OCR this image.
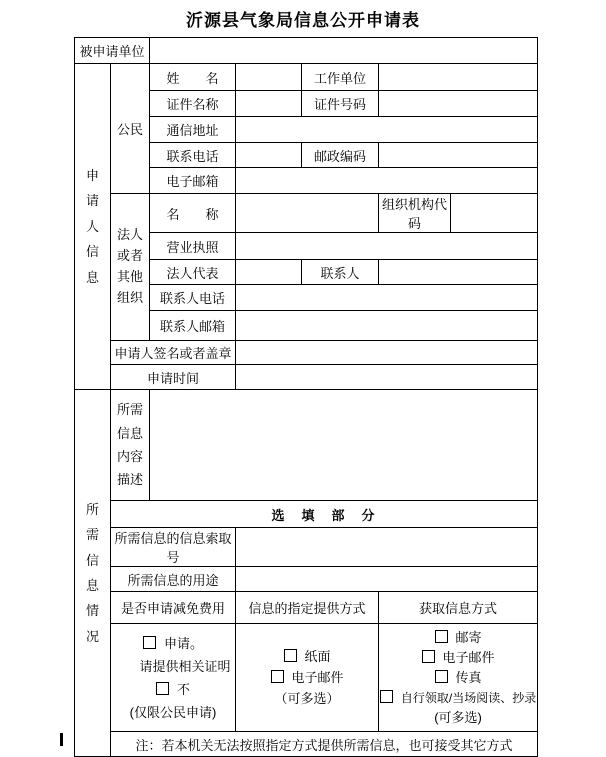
沂源县气象局信息公开申请表
被申请单位						

申请人信息	公民	姓　　名		工作单位		
		证件名称		证件号码		
		通信地址				
		联系电话		邮政编码		
		电子邮箱				

	法人或者其他组织	名　　称			组织机构代码	
		营业执照				
		法人代表		联系人		
		联系人电话				
		联系人邮箱				
	申请人签名或者盖章					
	申请时间					

所需信息情况	所需信息内容描述					

	选　填　部　分					
	所需信息的信息索取号					
	所需信息的用途					
	是否申请减免费用		信息的指定提供方式		获取信息方式	

申请。
请提供相关证明
不
(仅限公民申请)

纸面
电子邮件
（可多选）

邮寄
电子邮件
传真
自行领取/当场阅读、抄录
(可多选)

	注：若本机关无法按照指定方式提供所需信息，也可接受其它方式					
